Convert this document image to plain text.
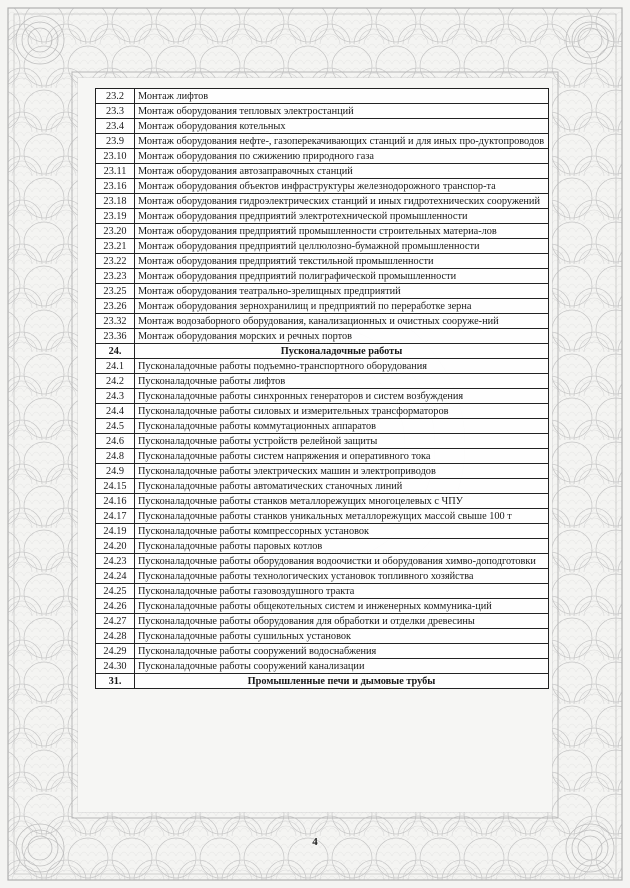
23.2	Монтаж лифтов
23.3	Монтаж оборудования тепловых электростанций
23.4	Монтаж оборудования котельных
23.9	Монтаж оборудования нефте-, газоперекачивающих станций и для иных про-дуктопроводов
23.10	Монтаж оборудования по сжижению природного газа
23.11	Монтаж оборудования автозаправочных станций
23.16	Монтаж оборудования объектов инфраструктуры железнодорожного транспор-та
23.18	Монтаж оборудования гидроэлектрических станций и иных гидротехнических сооружений
23.19	Монтаж оборудования предприятий электротехнической промышленности
23.20	Монтаж оборудования предприятий промышленности строительных материа-лов
23.21	Монтаж оборудования предприятий целлюлозно-бумажной промышленности
23.22	Монтаж оборудования предприятий текстильной промышленности
23.23	Монтаж оборудования предприятий полиграфической промышленности
23.25	Монтаж оборудования театрально-зрелищных предприятий
23.26	Монтаж оборудования зернохранилищ и предприятий по переработке зерна
23.32	Монтаж водозаборного оборудования, канализационных и очистных сооруже-ний
23.36	Монтаж оборудования морских и речных портов
24.	Пусконаладочные работы
24.1	Пусконаладочные работы подъемно-транспортного оборудования
24.2	Пусконаладочные работы лифтов
24.3	Пусконаладочные работы синхронных генераторов и систем возбуждения
24.4	Пусконаладочные работы силовых и измерительных трансформаторов
24.5	Пусконаладочные работы коммутационных аппаратов
24.6	Пусконаладочные работы устройств релейной защиты
24.8	Пусконаладочные работы систем напряжения и оперативного тока
24.9	Пусконаладочные работы электрических машин и электроприводов
24.15	Пусконаладочные работы автоматических станочных линий
24.16	Пусконаладочные работы станков металлорежущих многоцелевых с ЧПУ
24.17	Пусконаладочные работы станков уникальных металлорежущих массой свыше 100 т
24.19	Пусконаладочные работы компрессорных установок
24.20	Пусконаладочные работы паровых котлов
24.23	Пусконаладочные работы оборудования водоочистки и оборудования химво-доподготовки
24.24	Пусконаладочные работы технологических установок топливного хозяйства
24.25	Пусконаладочные работы газовоздушного тракта
24.26	Пусконаладочные работы общекотельных систем и инженерных коммуника-ций
24.27	Пусконаладочные работы оборудования для обработки и отделки древесины
24.28	Пусконаладочные работы сушильных установок
24.29	Пусконаладочные работы сооружений водоснабжения
24.30	Пусконаладочные работы сооружений канализации
31.	Промышленные печи и дымовые трубы
4
